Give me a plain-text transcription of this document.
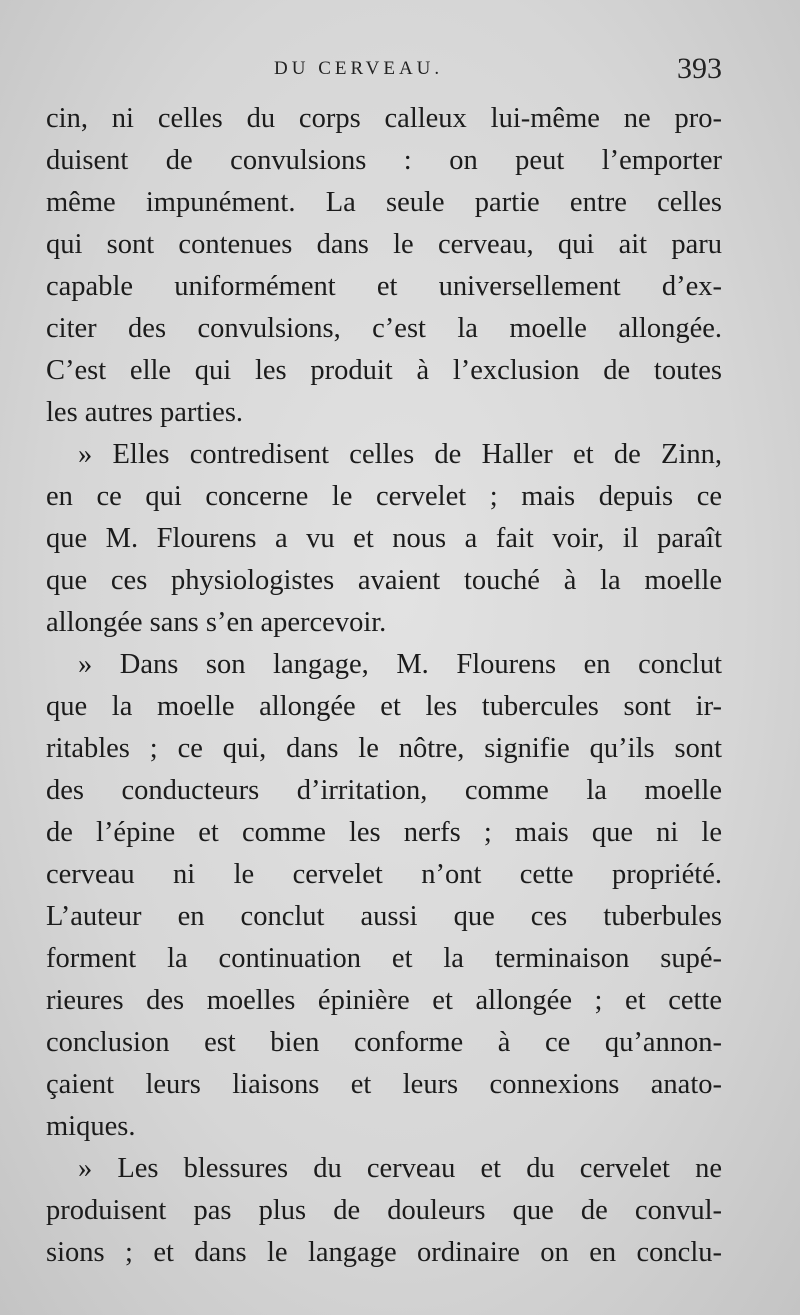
DU CERVEAU.	393
cin, ni celles du corps calleux lui-même ne pro-
duisent de convulsions : on peut l’emporter
même impunément. La seule partie entre celles
qui sont contenues dans le cerveau, qui ait paru
capable uniformément et universellement d’ex-
citer des convulsions, c’est la moelle allongée.
C’est elle qui les produit à l’exclusion de toutes
les autres parties.
» Elles contredisent celles de Haller et de Zinn,
en ce qui concerne le cervelet ; mais depuis ce
que M. Flourens a vu et nous a fait voir, il paraît
que ces physiologistes avaient touché à la moelle
allongée sans s’en apercevoir.
» Dans son langage, M. Flourens en conclut
que la moelle allongée et les tubercules sont ir-
ritables ; ce qui, dans le nôtre, signifie qu’ils sont
des conducteurs d’irritation, comme la moelle
de l’épine et comme les nerfs ; mais que ni le
cerveau ni le cervelet n’ont cette propriété.
L’auteur en conclut aussi que ces tuberbules
forment la continuation et la terminaison supé-
rieures des moelles épinière et allongée ; et cette
conclusion est bien conforme à ce qu’annon-
çaient leurs liaisons et leurs connexions anato-
miques.
» Les blessures du cerveau et du cervelet ne
produisent pas plus de douleurs que de convul-
sions ; et dans le langage ordinaire on en conclu-
